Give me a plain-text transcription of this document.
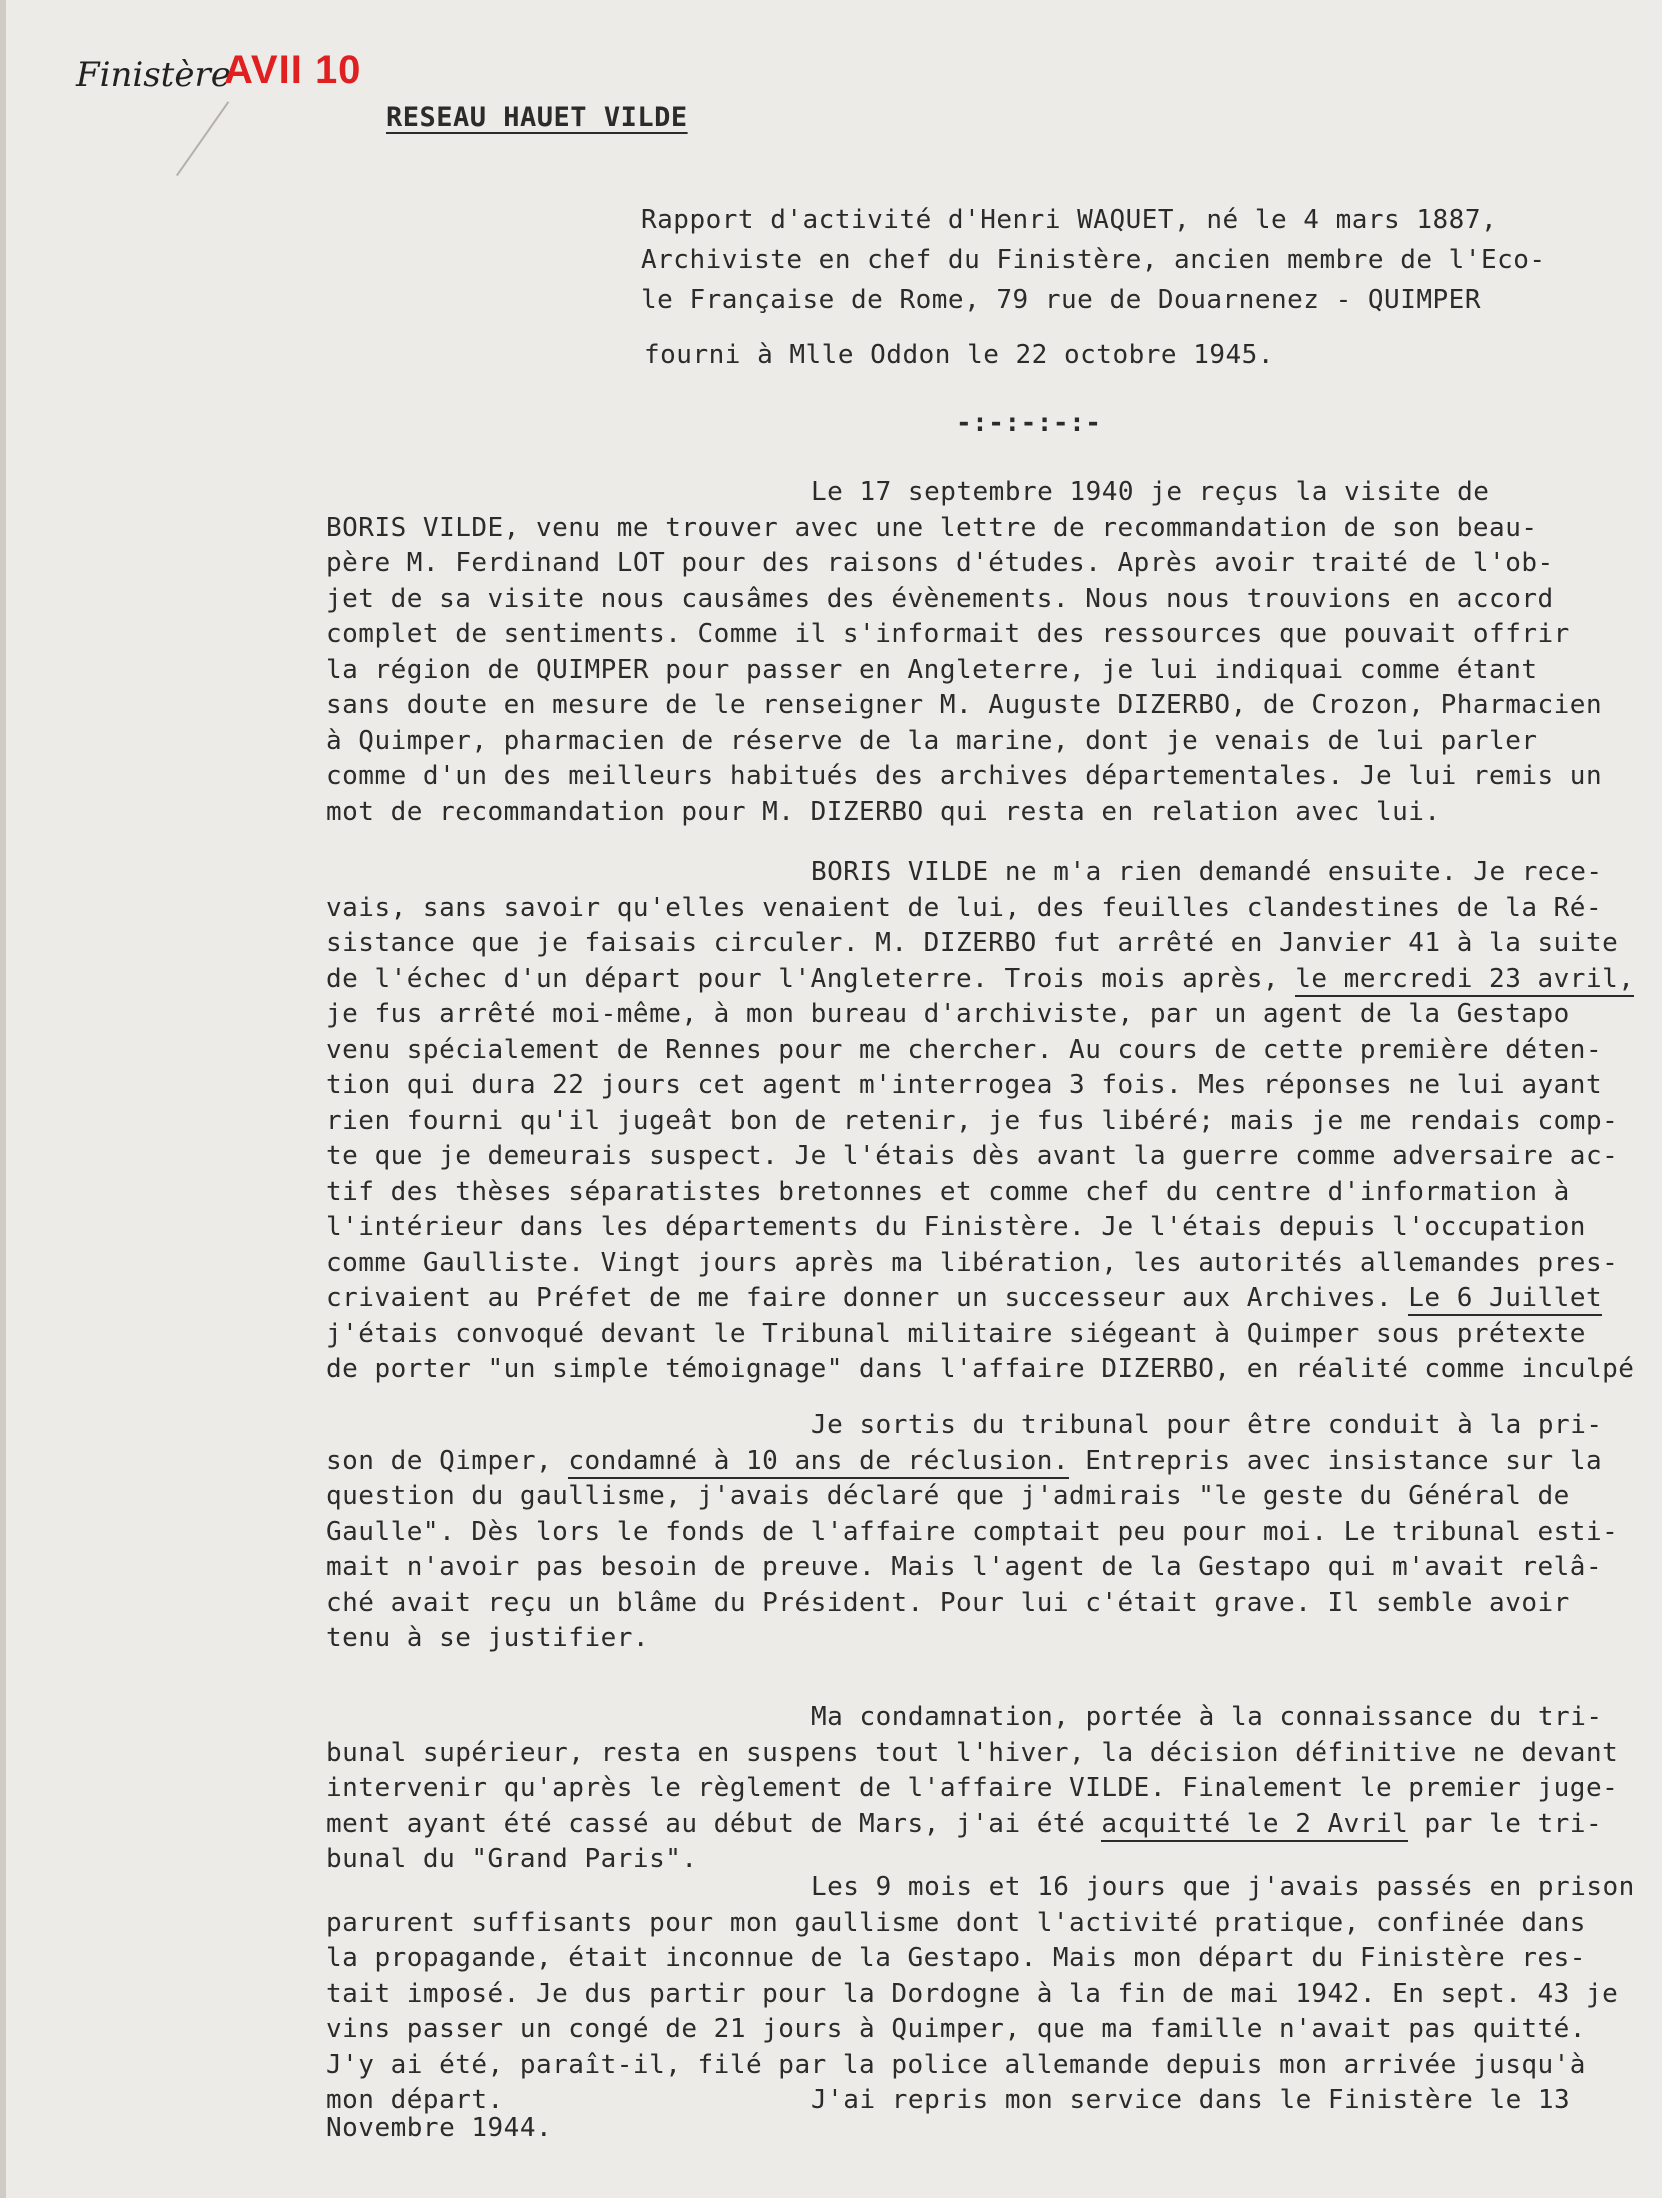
Finistère
AVII 10
RESEAU HAUET VILDE
Rapport d'activité d'Henri WAQUET, né le 4 mars 1887,
Archiviste en chef du Finistère, ancien membre de l'Eco-
le Française de Rome, 79 rue de Douarnenez - QUIMPER
fourni à Mlle Oddon le 22 octobre 1945.
-:-:-:-:-
Le 17 septembre 1940 je reçus la visite de
BORIS VILDE, venu me trouver avec une lettre de recommandation de son beau-
père M. Ferdinand LOT pour des raisons d'études. Après avoir traité de l'ob-
jet de sa visite nous causâmes des évènements. Nous nous trouvions en accord
complet de sentiments. Comme il s'informait des ressources que pouvait offrir
la région de QUIMPER pour passer en Angleterre, je lui indiquai comme étant
sans doute en mesure de le renseigner M. Auguste DIZERBO, de Crozon, Pharmacien
à Quimper, pharmacien de réserve de la marine, dont je venais de lui parler
comme d'un des meilleurs habitués des archives départementales. Je lui remis un
mot de recommandation pour M. DIZERBO qui resta en relation avec lui.
BORIS VILDE ne m'a rien demandé ensuite. Je rece-
vais, sans savoir qu'elles venaient de lui, des feuilles clandestines de la Ré-
sistance que je faisais circuler. M. DIZERBO fut arrêté en Janvier 41 à la suite
de l'échec d'un départ pour l'Angleterre. Trois mois après, le mercredi 23 avril,
je fus arrêté moi-même, à mon bureau d'archiviste, par un agent de la Gestapo
venu spécialement de Rennes pour me chercher. Au cours de cette première déten-
tion qui dura 22 jours cet agent m'interrogea 3 fois. Mes réponses ne lui ayant
rien fourni qu'il jugeât bon de retenir, je fus libéré; mais je me rendais comp-
te que je demeurais suspect. Je l'étais dès avant la guerre comme adversaire ac-
tif des thèses séparatistes bretonnes et comme chef du centre d'information à
l'intérieur dans les départements du Finistère. Je l'étais depuis l'occupation
comme Gaulliste. Vingt jours après ma libération, les autorités allemandes pres-
crivaient au Préfet de me faire donner un successeur aux Archives. Le 6 Juillet
j'étais convoqué devant le Tribunal militaire siégeant à Quimper sous prétexte
de porter "un simple témoignage" dans l'affaire DIZERBO, en réalité comme inculpé
Je sortis du tribunal pour être conduit à la pri-
son de Qimper, condamné à 10 ans de réclusion. Entrepris avec insistance sur la
question du gaullisme, j'avais déclaré que j'admirais "le geste du Général de
Gaulle". Dès lors le fonds de l'affaire comptait peu pour moi. Le tribunal esti-
mait n'avoir pas besoin de preuve. Mais l'agent de la Gestapo qui m'avait relâ-
ché avait reçu un blâme du Président. Pour lui c'était grave. Il semble avoir
tenu à se justifier.
Ma condamnation, portée à la connaissance du tri-
bunal supérieur, resta en suspens tout l'hiver, la décision définitive ne devant
intervenir qu'après le règlement de l'affaire VILDE. Finalement le premier juge-
ment ayant été cassé au début de Mars, j'ai été acquitté le 2 Avril par le tri-
bunal du "Grand Paris".
Les 9 mois et 16 jours que j'avais passés en prison
parurent suffisants pour mon gaullisme dont l'activité pratique, confinée dans
la propagande, était inconnue de la Gestapo. Mais mon départ du Finistère res-
tait imposé. Je dus partir pour la Dordogne à la fin de mai 1942. En sept. 43 je
vins passer un congé de 21 jours à Quimper, que ma famille n'avait pas quitté.
J'y ai été, paraît-il, filé par la police allemande depuis mon arrivée jusqu'à
mon départ.	J'ai repris mon service dans le Finistère le 13
Novembre 1944.
